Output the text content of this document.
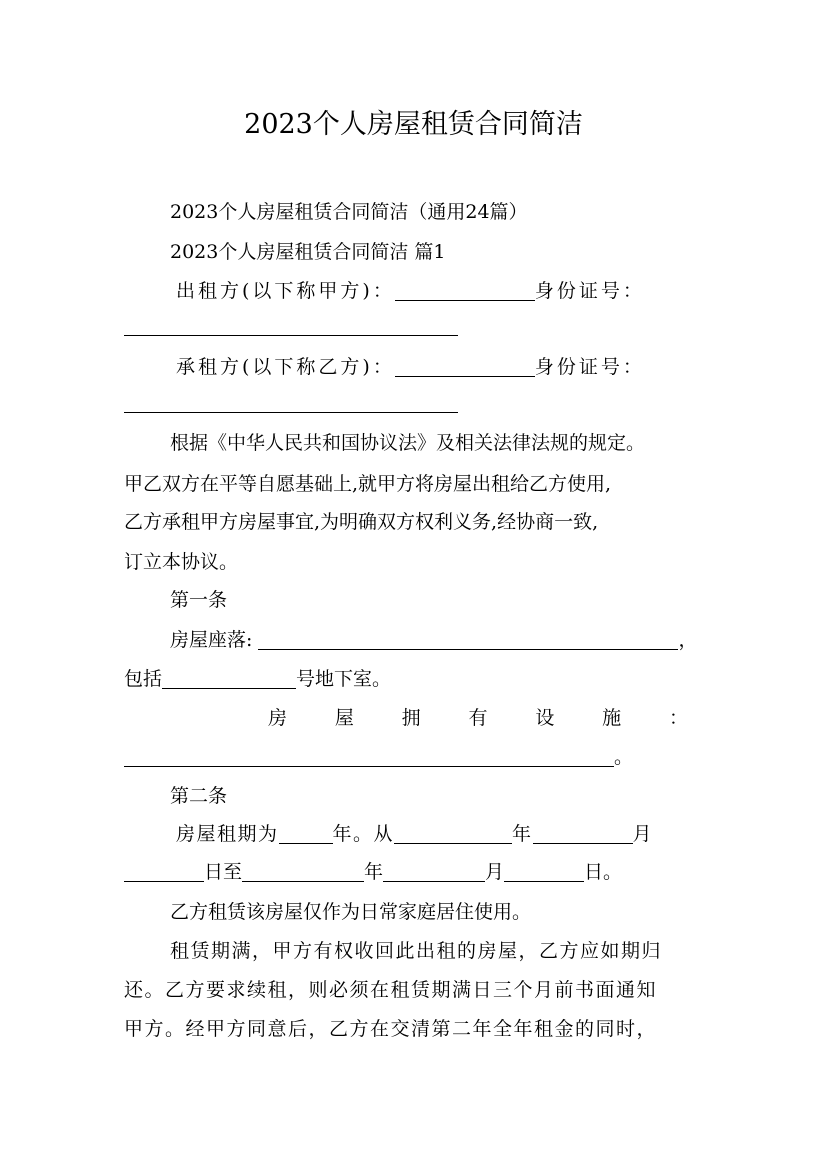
2023个人房屋租赁合同简洁
2023个人房屋租赁合同简洁（通用24篇）
2023个人房屋租赁合同简洁 篇1
出租方(以下称甲方)：	身份证号：
承租方(以下称乙方)：	身份证号：
根据《中华人民共和国协议法》及相关法律法规的规定。
甲乙双方在平等自愿基础上,就甲方将房屋出租给乙方使用,
乙方承租甲方房屋事宜,为明确双方权利义务,经协商一致,
订立本协议。
第一条
房屋座落:	，
包括	号地下室。
房	屋	拥	有	设	施	：
。
第二条
房屋租期为	年。从	年	月
日至	年	月	日。
乙方租赁该房屋仅作为日常家庭居住使用。
租赁期满，甲方有权收回此出租的房屋，乙方应如期归
还。乙方要求续租，则必须在租赁期满日三个月前书面通知
甲方。经甲方同意后，乙方在交清第二年全年租金的同时，
